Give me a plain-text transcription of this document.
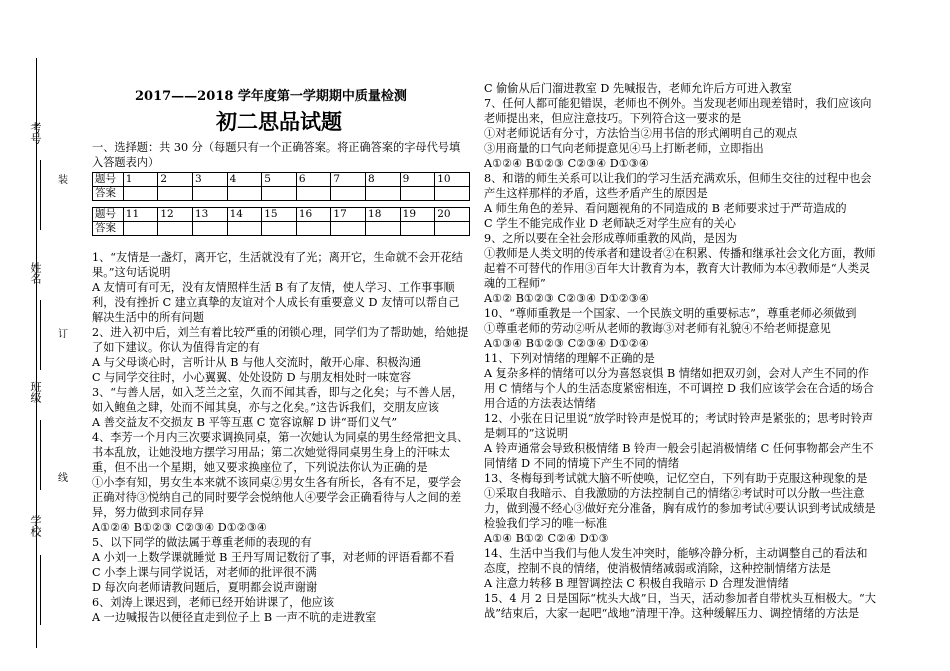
考号
姓名
班级
学校
装
订
线
2017——2018 学年度第一学期期中质量检测
初二思品试题
一、选择题：共 30 分（每题只有一个正确答案。将正确答案的字母代号填入答题表内）
题号	1	2	3	4	5	6	7	8	9	10
答案										

题号	11	12	13	14	15	16	17	18	19	20
答案										

1、“友情是一盏灯，离开它，生活就没有了光；离开它，生命就不会开花结果。”这句话说明

A 友情可有可无，没有友情照样生活 B 有了友情，使人学习、工作事事顺利，没有挫折 C 建立真挚的友谊对个人成长有重要意义 D 友情可以帮自己解决生活中的所有问题

2、进入初中后，刘兰有着比较严重的闭锁心理，同学们为了帮助她，给她提了如下建议。你认为值得肯定的有

A 与父母谈心时，言听计从 B 与他人交流时，敞开心扉、积极沟通

C 与同学交往时，小心翼翼、处处设防 D 与朋友相处时一味宽容

3、“与善人居，如入芝兰之室，久而不闻其香，即与之化矣；与不善人居，如入鲍鱼之肆，处而不闻其臭，亦与之化矣。”这告诉我们，交朋友应该

A 善交益友不交损友 B 平等互惠 C 宽容谅解 D 讲“哥们义气”

4、李芳一个月内三次要求调换同桌，第一次她认为同桌的男生经常把文具、书本乱放，让她没地方摆学习用品；第二次她觉得同桌男生身上的汗味太重，但不出一个星期，她又要求换座位了，下列说法你认为正确的是

①小李有知，男女生本来就不该同桌②男女生各有所长，各有不足，要学会正确对待③悦纳自己的同时要学会悦纳他人④要学会正确看待与人之间的差异，努力做到求同存异

A①②④ B①②③ C②③④ D①②③④

5、以下同学的做法属于尊重老师的表现的有

A 小刘一上数学课就睡觉 B 王丹写周记数衍了事，对老师的评语看都不看

C 小李上课与同学说话，对老师的批评很不满

D 每次向老师请教问题后，夏明都会说声谢谢

6、刘涛上课迟到，老师已经开始讲课了，他应该

A 一边喊报告以便径直走到位子上 B 一声不吭的走进教室

C 偷偷从后门溜进教室 D 先喊报告，老师允许后方可进入教室

7、任何人都可能犯错误，老师也不例外。当发现老师出现差错时，我们应该向老师提出来，但应注意技巧。下列符合这一要求的是

①对老师说话有分寸，方法恰当②用书信的形式阐明自己的观点

③用商量的口气向老师提意见④马上打断老师，立即指出

A①②④ B①②③ C②③④ D①③④

8、和谐的师生关系可以让我们的学习生活充满欢乐，但师生交往的过程中也会产生这样那样的矛盾，这些矛盾产生的原因是

A 师生角色的差异、看问题视角的不同造成的 B 老师要求过于严苛造成的

C 学生不能完成作业 D 老师缺乏对学生应有的关心

9、之所以要在全社会形成尊师重教的风尚，是因为

①教师是人类文明的传承者和建设者②在积累、传播和继承社会文化方面，教师起着不可替代的作用③百年大计教育为本，教育大计教师为本④教师是“人类灵魂的工程师”

A①② B①②③ C②③④ D①②③④

10、“尊师重教是一个国家、一个民族文明的重要标志”，尊重老师必须做到

①尊重老师的劳动②听从老师的教诲③对老师有礼貌④不给老师提意见

A①③④ B①②③ C②③④ D①②④

11、下列对情绪的理解不正确的是

A 复杂多样的情绪可以分为喜怒哀惧 B 情绪如把双刃剑，会对人产生不同的作用 C 情绪与个人的生活态度紧密相连，不可调控 D 我们应该学会在合适的场合用合适的方法表达情绪

12、小张在日记里说“放学时铃声是悦耳的；考试时铃声是紧张的；思考时铃声是刺耳的”这说明

A 铃声通常会导致积极情绪 B 铃声一般会引起消极情绪 C 任何事物都会产生不同情绪 D 不同的情境下产生不同的情绪

13、冬梅每到考试就大脑不听使唤，记忆空白，下列有助于克服这种现象的是

①采取自我暗示、自我激励的方法控制自己的情绪②考试时可以分散一些注意力，做到漫不经心③做好充分准备，胸有成竹的参加考试④要认识到考试成绩是检验我们学习的唯一标准

A①④ B①② C②④ D①③

14、生活中当我们与他人发生冲突时，能够冷静分析，主动调整自己的看法和态度，控制不良的情绪，使消极情绪减弱或消除，这种控制情绪方法是

A 注意力转移 B 理智调控法 C 积极自我暗示 D 合理发泄情绪

15、4 月 2 日是国际“枕头大战”日，当天，活动参加者自带枕头互相极大。“大战”结束后，大家一起吧“战地”清理干净。这种缓解压力、调控情绪的方法是
